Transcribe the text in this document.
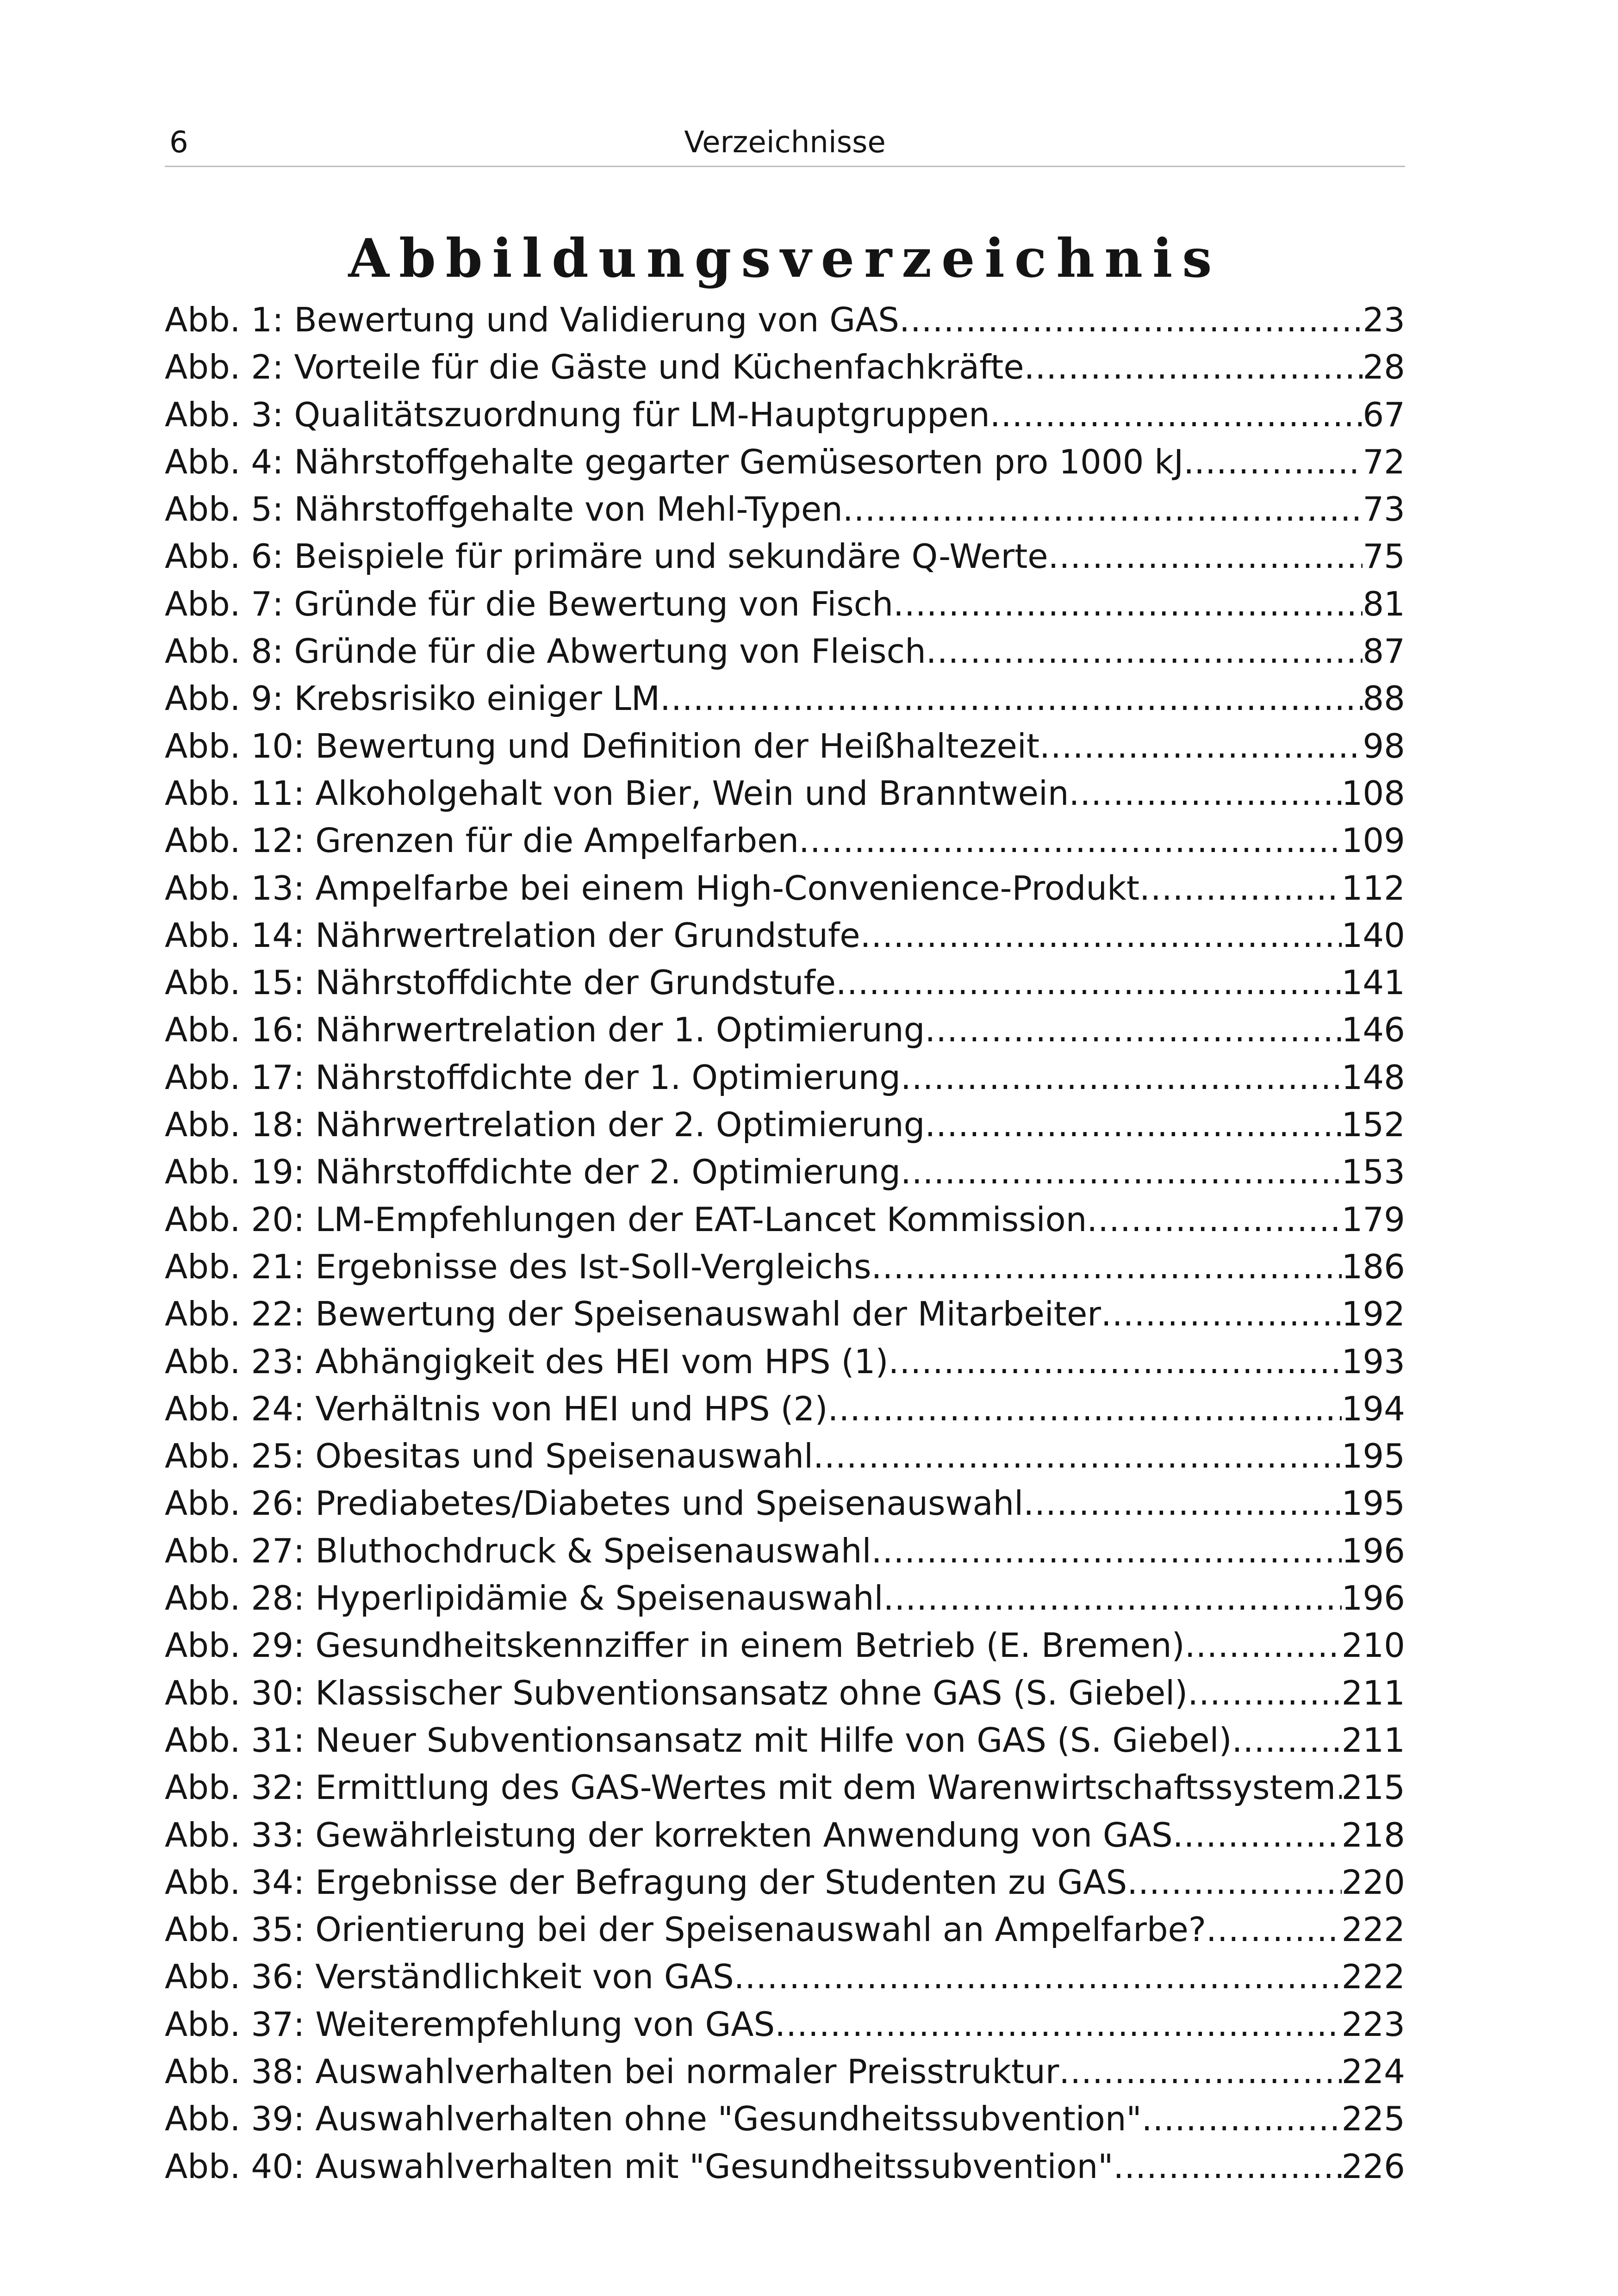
6	Verzeichnisse
Abbildungsverzeichnis
Abb. 1: Bewertung und Validierung von GAS .....	23
Abb. 2: Vorteile für die Gäste und Küchenfachkräfte .....	28
Abb. 3: Qualitätszuordnung für LM-Hauptgruppen .....	67
Abb. 4: Nährstoffgehalte gegarter Gemüsesorten pro 1000 kJ. .....	72
Abb. 5: Nährstoffgehalte von Mehl-Typen .....	73
Abb. 6: Beispiele für primäre und sekundäre Q-Werte .....	75
Abb. 7: Gründe für die Bewertung von Fisch .....	81
Abb. 8: Gründe für die Abwertung von Fleisch .....	87
Abb. 9: Krebsrisiko einiger LM .....	88
Abb. 10: Bewertung und Definition der Heißhaltezeit .....	98
Abb. 11: Alkoholgehalt von Bier, Wein und Branntwein .....	108
Abb. 12: Grenzen für die Ampelfarben .....	109
Abb. 13: Ampelfarbe bei einem High-Convenience-Produkt .....	112
Abb. 14: Nährwertrelation der Grundstufe .....	140
Abb. 15: Nährstoffdichte der Grundstufe .....	141
Abb. 16: Nährwertrelation der 1. Optimierung .....	146
Abb. 17: Nährstoffdichte der 1. Optimierung .....	148
Abb. 18: Nährwertrelation der 2. Optimierung .....	152
Abb. 19: Nährstoffdichte der 2. Optimierung .....	153
Abb. 20: LM-Empfehlungen der EAT-Lancet Kommission .....	179
Abb. 21: Ergebnisse des Ist-Soll-Vergleichs .....	186
Abb. 22: Bewertung der Speisenauswahl der Mitarbeiter .....	192
Abb. 23: Abhängigkeit des HEI vom HPS (1) .....	193
Abb. 24: Verhältnis von HEI und HPS (2) .....	194
Abb. 25: Obesitas und Speisenauswahl .....	195
Abb. 26: Prediabetes/Diabetes und Speisenauswahl .....	195
Abb. 27: Bluthochdruck & Speisenauswahl .....	196
Abb. 28: Hyperlipidämie & Speisenauswahl .....	196
Abb. 29: Gesundheitskennziffer in einem Betrieb (E. Bremen) .....	210
Abb. 30: Klassischer Subventionsansatz ohne GAS (S. Giebel) .....	211
Abb. 31: Neuer Subventionsansatz mit Hilfe von GAS (S. Giebel) .....	211
Abb. 32: Ermittlung des GAS-Wertes mit dem Warenwirtschaftssystem ..... 215
Abb. 33: Gewährleistung der korrekten Anwendung von GAS .....	218
Abb. 34: Ergebnisse der Befragung der Studenten zu GAS .....	220
Abb. 35: Orientierung bei der Speisenauswahl an Ampelfarbe? .....	222
Abb. 36: Verständlichkeit von GAS .....	222
Abb. 37: Weiterempfehlung von GAS .....	223
Abb. 38: Auswahlverhalten bei normaler Preisstruktur .....	224
Abb. 39: Auswahlverhalten ohne "Gesundheitssubvention" .....	225
Abb. 40: Auswahlverhalten mit "Gesundheitssubvention" .....	226
